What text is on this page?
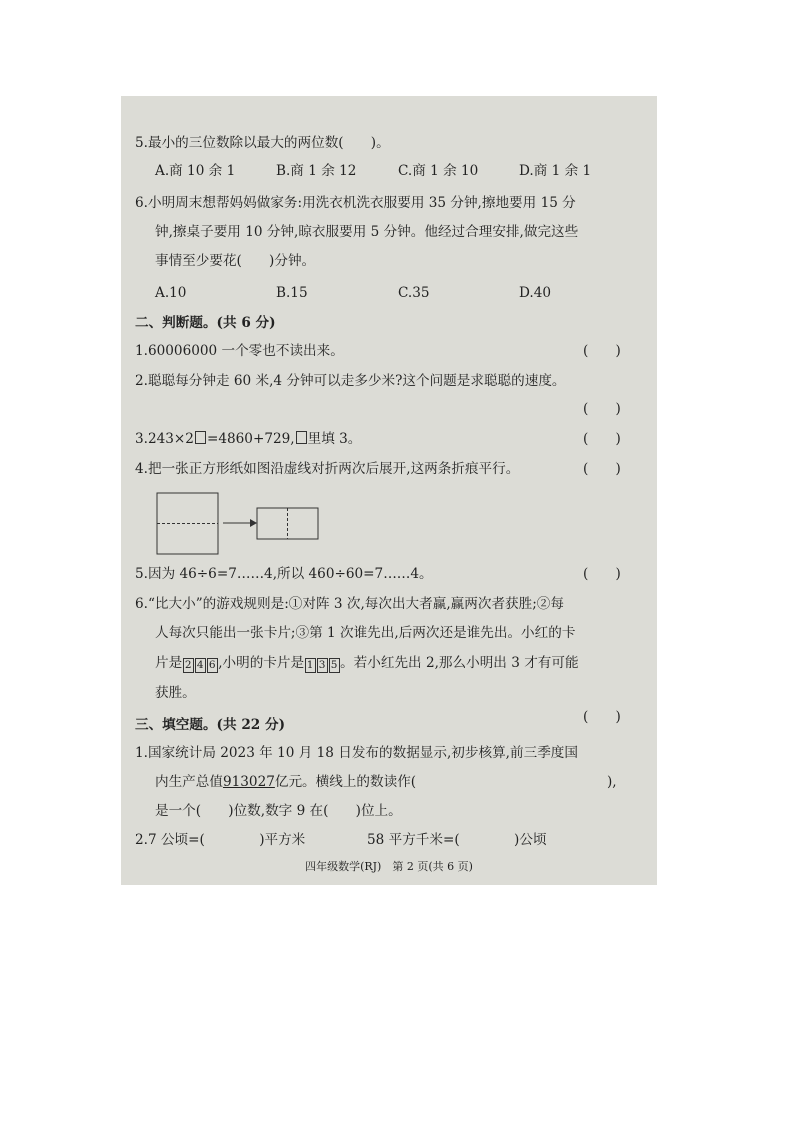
5.最小的三位数除以最大的两位数(　　)。
A.商 10 余 1	B.商 1 余 12	C.商 1 余 10	D.商 1 余 1
6.小明周末想帮妈妈做家务:用洗衣机洗衣服要用 35 分钟,擦地要用 15 分
钟,擦桌子要用 10 分钟,晾衣服要用 5 分钟。他经过合理安排,做完这些
事情至少要花(　　)分钟。
A.10	B.15	C.35	D.40
二、判断题。(共 6 分)
1.60006000 一个零也不读出来。	(　　)
2.聪聪每分钟走 60 米,4 分钟可以走多少米?这个问题是求聪聪的速度。
(　　)
3.243×2 =4860+729, 里填 3。	(　　)
4.把一张正方形纸如图沿虚线对折两次后展开,这两条折痕平行。	(　　)
5.因为 46÷6=7……4,所以 460÷60=7……4。	(　　)
6.“比大小”的游戏规则是:①对阵 3 次,每次出大者赢,赢两次者获胜;②每
人每次只能出一张卡片;③第 1 次谁先出,后两次还是谁先出。小红的卡
片是 2 4 6 ,小明的卡片是 1 3 5 。若小红先出 2,那么小明出 3 才有可能
获胜。
(　　)
三、填空题。(共 22 分)
1.国家统计局 2023 年 10 月 18 日发布的数据显示,初步核算,前三季度国
内生产总值913027亿元。横线上的数读作(	),
是一个(　　)位数,数字 9 在(　　)位上。
2.7 公顷=(　　　　)平方米	58 平方千米=(　　　　)公顷
四年级数学(RJ)　第 2 页(共 6 页)
